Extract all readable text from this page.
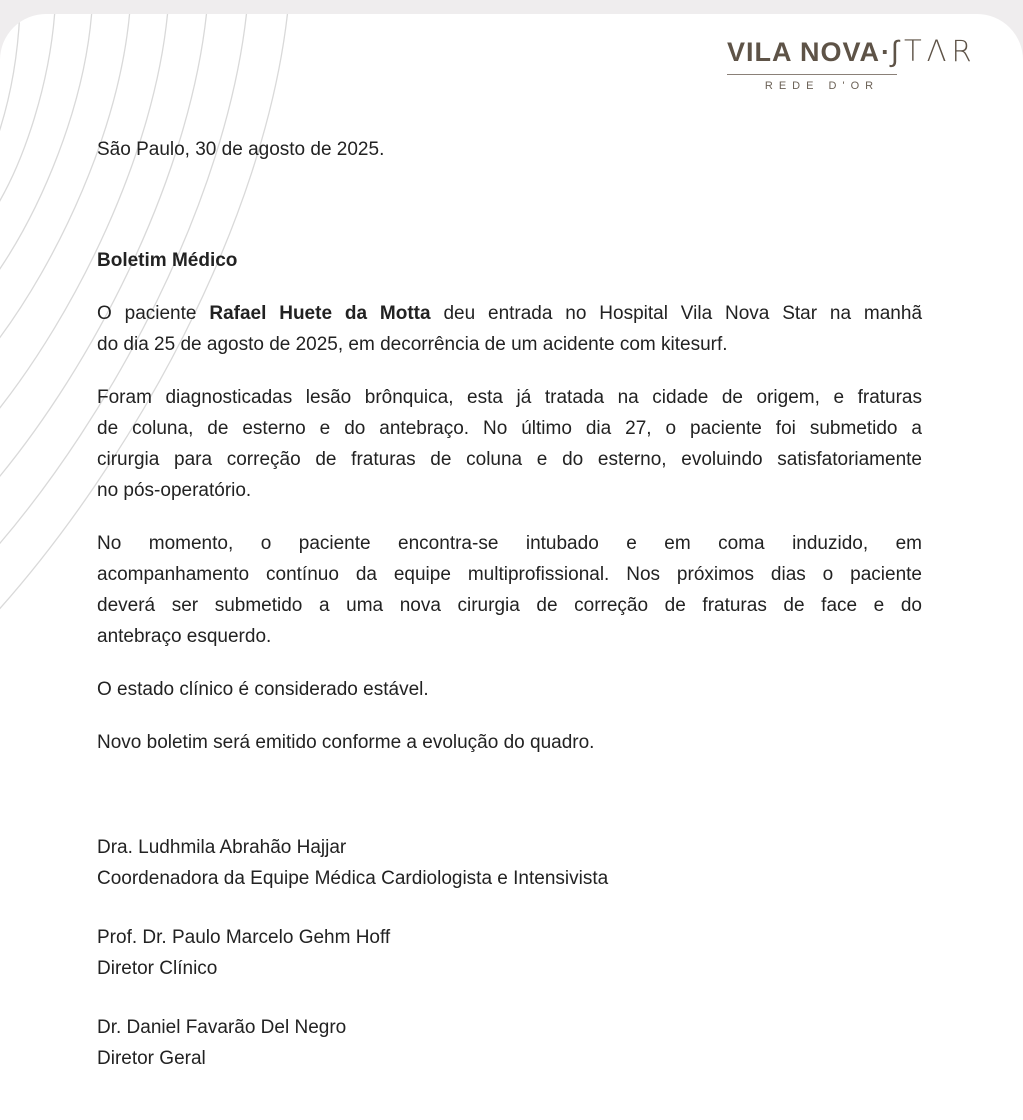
VILA NOVA·∫TΛR
REDE D'OR

São Paulo, 30 de agosto de 2025.

Boletim Médico

O paciente Rafael Huete da Motta deu entrada no Hospital Vila Nova Star na manhã
do dia 25 de agosto de 2025, em decorrência de um acidente com kitesurf.
Foram diagnosticadas lesão brônquica, esta já tratada na cidade de origem, e fraturas
de coluna, de esterno e do antebraço. No último dia 27, o paciente foi submetido a
cirurgia para correção de fraturas de coluna e do esterno, evoluindo satisfatoriamente
no pós-operatório.
No momento, o paciente encontra-se intubado e em coma induzido, em
acompanhamento contínuo da equipe multiprofissional. Nos próximos dias o paciente
deverá ser submetido a uma nova cirurgia de correção de fraturas de face e do
antebraço esquerdo.

O estado clínico é considerado estável.

Novo boletim será emitido conforme a evolução do quadro.

Dra. Ludhmila Abrahão Hajjar
Coordenadora da Equipe Médica Cardiologista e Intensivista
Prof. Dr. Paulo Marcelo Gehm Hoff
Diretor Clínico
Dr. Daniel Favarão Del Negro
Diretor Geral
